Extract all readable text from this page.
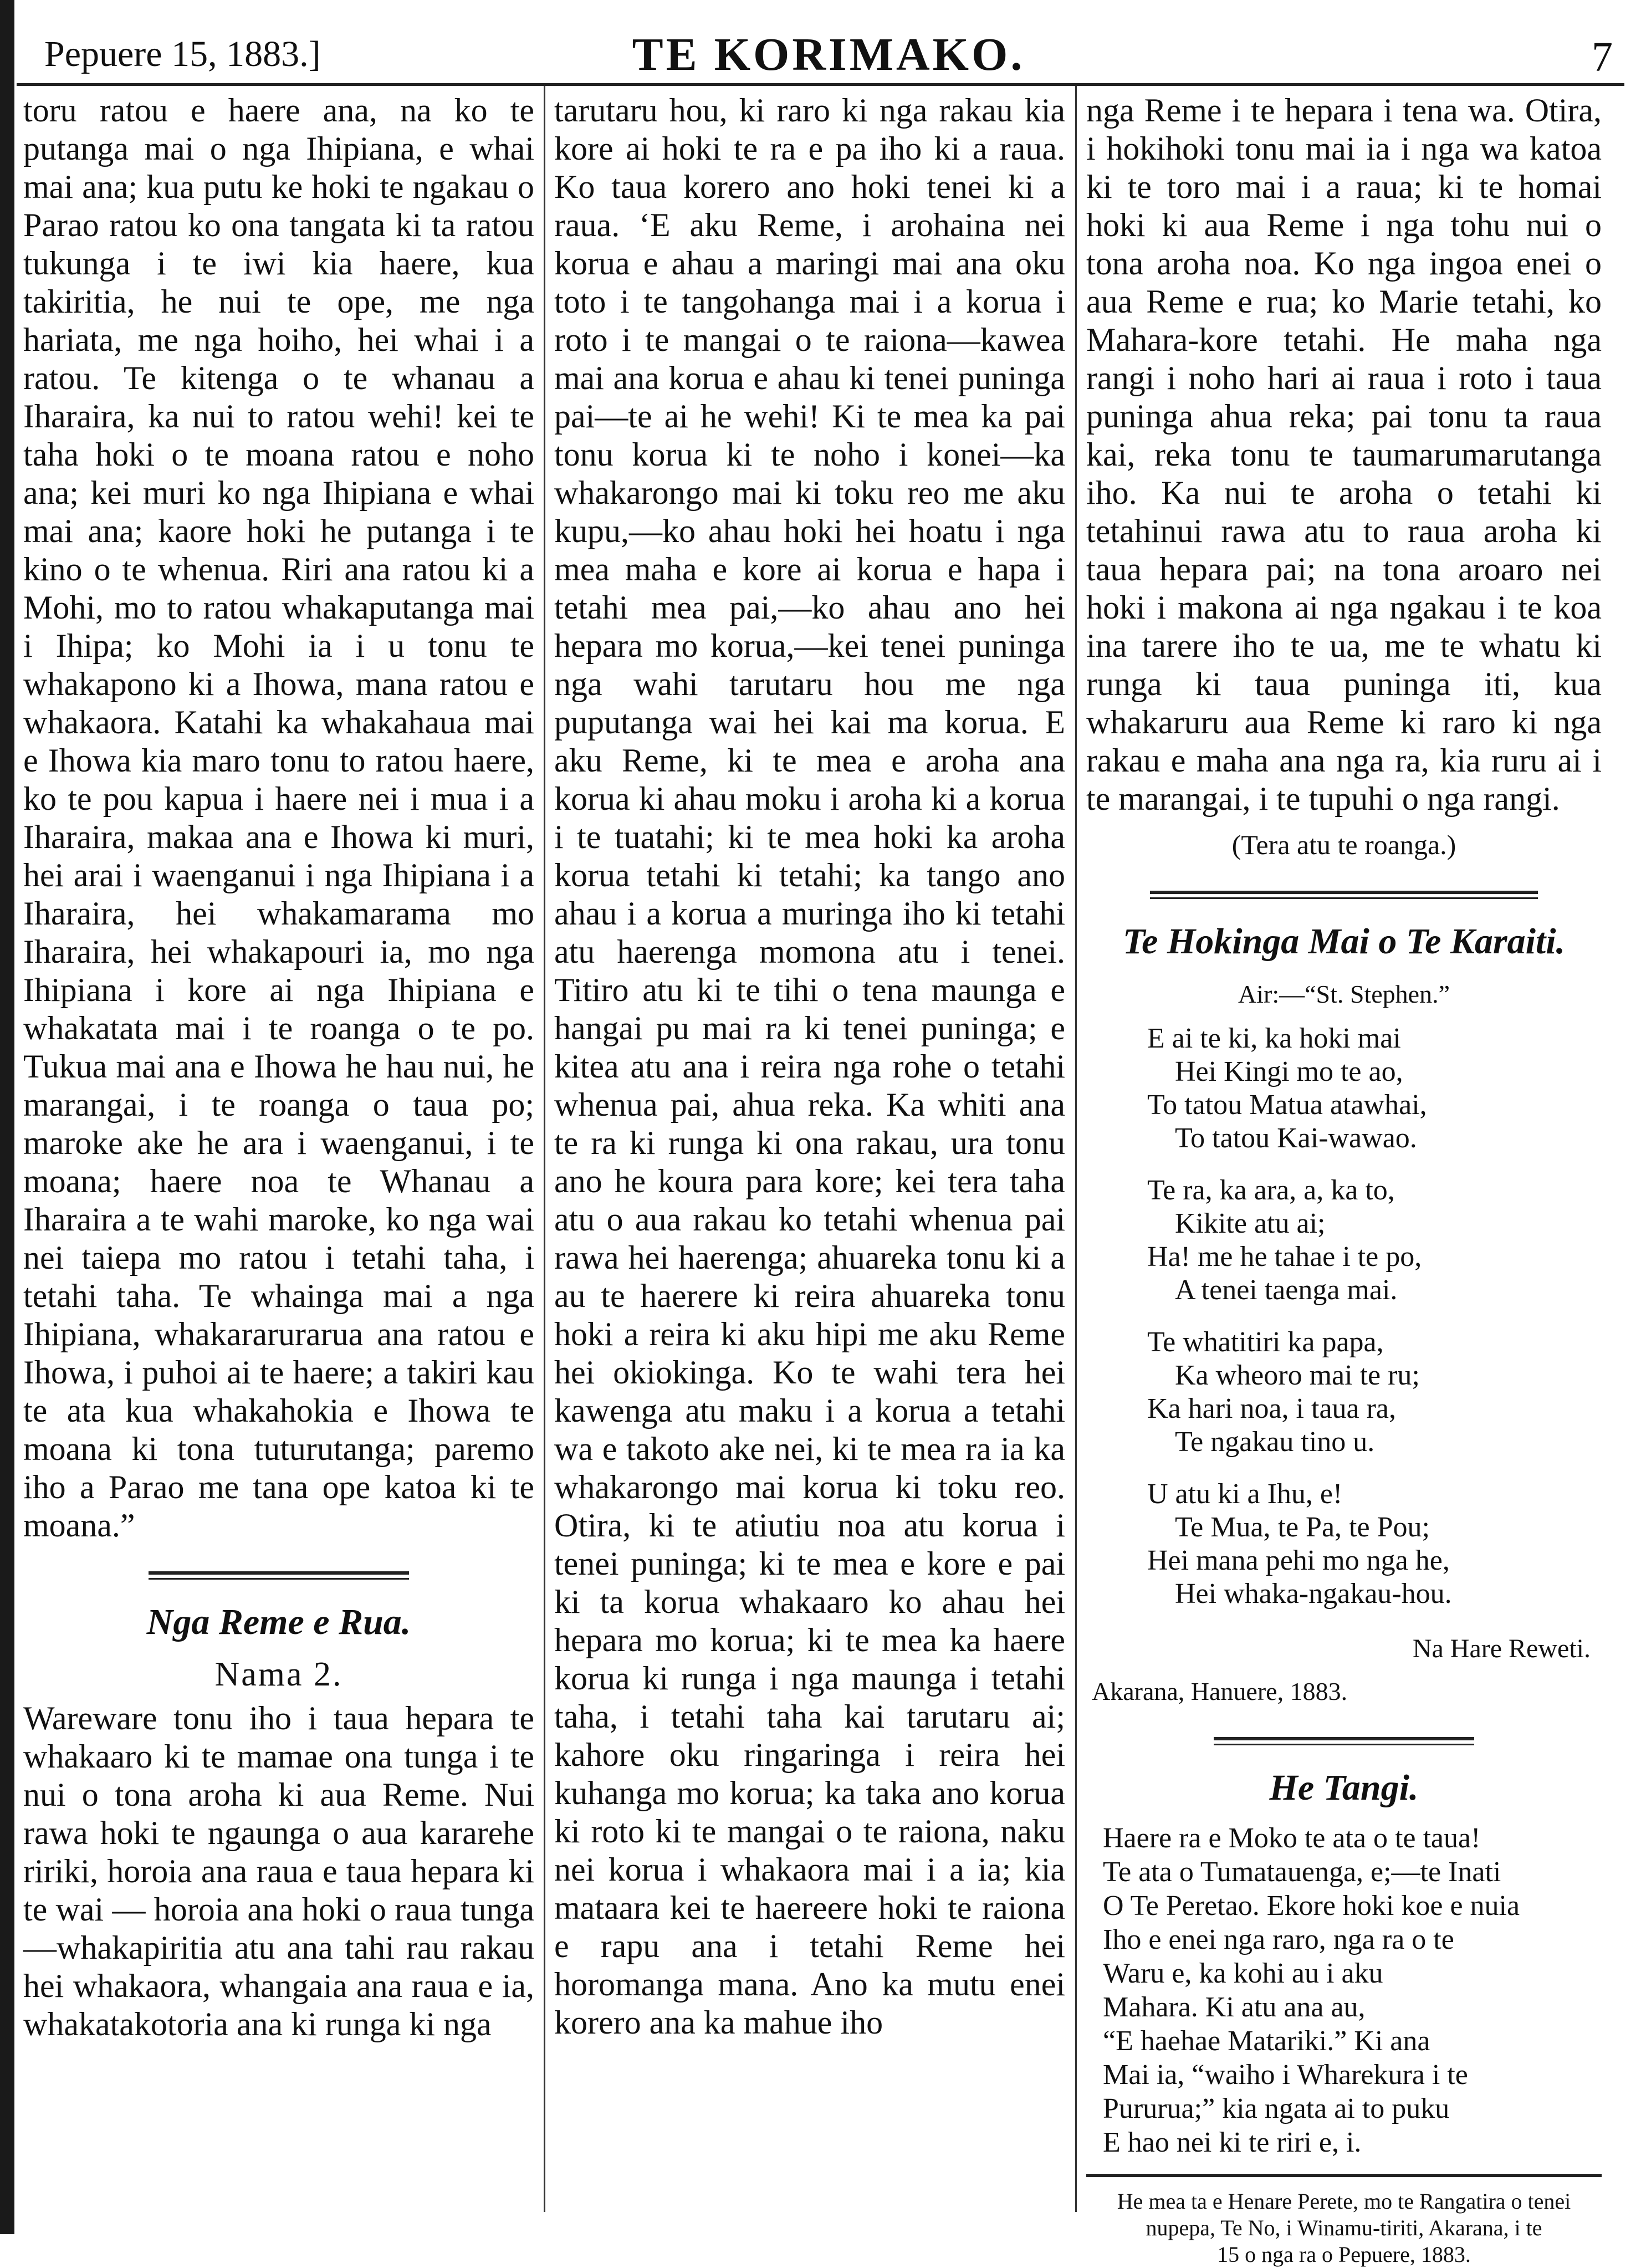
Pepuere 15, 1883.]	TE KORIMAKO.	7

toru ratou e haere ana, na ko te putanga mai o nga Ihipiana, e whai mai ana; kua putu ke hoki te ngakau o Parao ratou ko ona tangata ki ta ratou tukunga i te iwi kia haere, kua takiritia, he nui te ope, me nga hariata, me nga hoiho, hei whai i a ratou. Te kitenga o te whanau a Iharaira, ka nui to ratou wehi! kei te taha hoki o te moana ratou e noho ana; kei muri ko nga Ihipiana e whai mai ana; kaore hoki he putanga i te kino o te whenua. Riri ana ratou ki a Mohi, mo to ratou whakaputanga mai i Ihipa; ko Mohi ia i u tonu te whakapono ki a Ihowa, mana ratou e whakaora. Katahi ka whakahaua mai e Ihowa kia maro tonu to ratou haere, ko te pou kapua i haere nei i mua i a Iharaira, makaa ana e Ihowa ki muri, hei arai i waenganui i nga Ihipiana i a Iharaira, hei whakamarama mo Iharaira, hei whakapouri ia, mo nga Ihipiana i kore ai nga Ihipiana e whakatata mai i te roanga o te po. Tukua mai ana e Ihowa he hau nui, he marangai, i te roanga o taua po; maroke ake he ara i waenganui, i te moana; haere noa te Whanau a Iharaira a te wahi maroke, ko nga wai nei taiepa mo ratou i tetahi taha, i tetahi taha. Te whainga mai a nga Ihipiana, whakararurarua ana ratou e Ihowa, i puhoi ai te haere; a takiri kau te ata kua whakahokia e Ihowa te moana ki tona tuturutanga; paremo iho a Parao me tana ope katoa ki te moana.”

Nga Reme e Rua.
Nama 2.

Wareware tonu iho i taua hepara te whakaaro ki te mamae ona tunga i te nui o tona aroha ki aua Reme. Nui rawa hoki te ngaunga o aua kararehe ririki, horoia ana raua e taua hepara ki te wai — horoia ana hoki o raua tunga—whakapiritia atu ana tahi rau rakau hei whakaora, whangaia ana raua e ia, whakatakotoria ana ki runga ki nga

tarutaru hou, ki raro ki nga rakau kia kore ai hoki te ra e pa iho ki a raua. Ko taua korero ano hoki tenei ki a raua. ‘E aku Reme, i arohaina nei korua e ahau a maringi mai ana oku toto i te tangohanga mai i a korua i roto i te mangai o te raiona—kawea mai ana korua e ahau ki tenei puninga pai—te ai he wehi! Ki te mea ka pai tonu korua ki te noho i konei—ka whakarongo mai ki toku reo me aku kupu,—ko ahau hoki hei hoatu i nga mea maha e kore ai korua e hapa i tetahi mea pai,—ko ahau ano hei hepara mo korua,—kei tenei puninga nga wahi tarutaru hou me nga puputanga wai hei kai ma korua. E aku Reme, ki te mea e aroha ana korua ki ahau moku i aroha ki a korua i te tuatahi; ki te mea hoki ka aroha korua tetahi ki tetahi; ka tango ano ahau i a korua a muringa iho ki tetahi atu haerenga momona atu i tenei. Titiro atu ki te tihi o tena maunga e hangai pu mai ra ki tenei puninga; e kitea atu ana i reira nga rohe o tetahi whenua pai, ahua reka. Ka whiti ana te ra ki runga ki ona rakau, ura tonu ano he koura para kore; kei tera taha atu o aua rakau ko tetahi whenua pai rawa hei haerenga; ahuareka tonu ki a au te haerere ki reira ahuareka tonu hoki a reira ki aku hipi me aku Reme hei okiokinga. Ko te wahi tera hei kawenga atu maku i a korua a tetahi wa e takoto ake nei, ki te mea ra ia ka whakarongo mai korua ki toku reo. Otira, ki te atiutiu noa atu korua i tenei puninga; ki te mea e kore e pai ki ta korua whakaaro ko ahau hei hepara mo korua; ki te mea ka haere korua ki runga i nga maunga i tetahi taha, i tetahi taha kai tarutaru ai; kahore oku ringaringa i reira hei kuhanga mo korua; ka taka ano korua ki roto ki te mangai o te raiona, naku nei korua i whakaora mai i a ia; kia mataara kei te haereere hoki te raiona e rapu ana i tetahi Reme hei horomanga mana. Ano ka mutu enei korero ana ka mahue iho

nga Reme i te hepara i tena wa. Otira, i hokihoki tonu mai ia i nga wa katoa ki te toro mai i a raua; ki te homai hoki ki aua Reme i nga tohu nui o tona aroha noa. Ko nga ingoa enei o aua Reme e rua; ko Marie tetahi, ko Mahara-kore tetahi. He maha nga rangi i noho hari ai raua i roto i taua puninga ahua reka; pai tonu ta raua kai, reka tonu te taumarumarutanga iho. Ka nui te aroha o tetahi ki tetahinui rawa atu to raua aroha ki taua hepara pai; na tona aroaro nei hoki i makona ai nga ngakau i te koa ina tarere iho te ua, me te whatu ki runga ki taua puninga iti, kua whakaruru aua Reme ki raro ki nga rakau e maha ana nga ra, kia ruru ai i te marangai, i te tupuhi o nga rangi.

(Tera atu te roanga.)
Te Hokinga Mai o Te Karaiti.
Air:—“St. Stephen.”
E ai te ki, ka hoki mai
Hei Kingi mo te ao,
To tatou Matua atawhai,
To tatou Kai-wawao.
Te ra, ka ara, a, ka to,
Kikite atu ai;
Ha! me he tahae i te po,
A tenei taenga mai.
Te whatitiri ka papa,
Ka wheoro mai te ru;
Ka hari noa, i taua ra,
Te ngakau tino u.
U atu ki a Ihu, e!
Te Mua, te Pa, te Pou;
Hei mana pehi mo nga he,
Hei whaka-ngakau-hou.
Na Hare Reweti.
Akarana, Hanuere, 1883.
He Tangi.
Haere ra e Moko te ata o te taua!
Te ata o Tumatauenga, e;—te Inati
O Te Peretao. Ekore hoki koe e nuia
Iho e enei nga raro, nga ra o te
Waru e, ka kohi au i aku
Mahara. Ki atu ana au,
“E haehae Matariki.” Ki ana
Mai ia, “waiho i Wharekura i te
Pururua;” kia ngata ai to puku
E hao nei ki te riri e, i.
He mea ta e Henare Perete, mo te Rangatira o tenei nupepa, Te No, i Winamu-tiriti, Akarana, i te
15 o nga ra o Pepuere, 1883.
